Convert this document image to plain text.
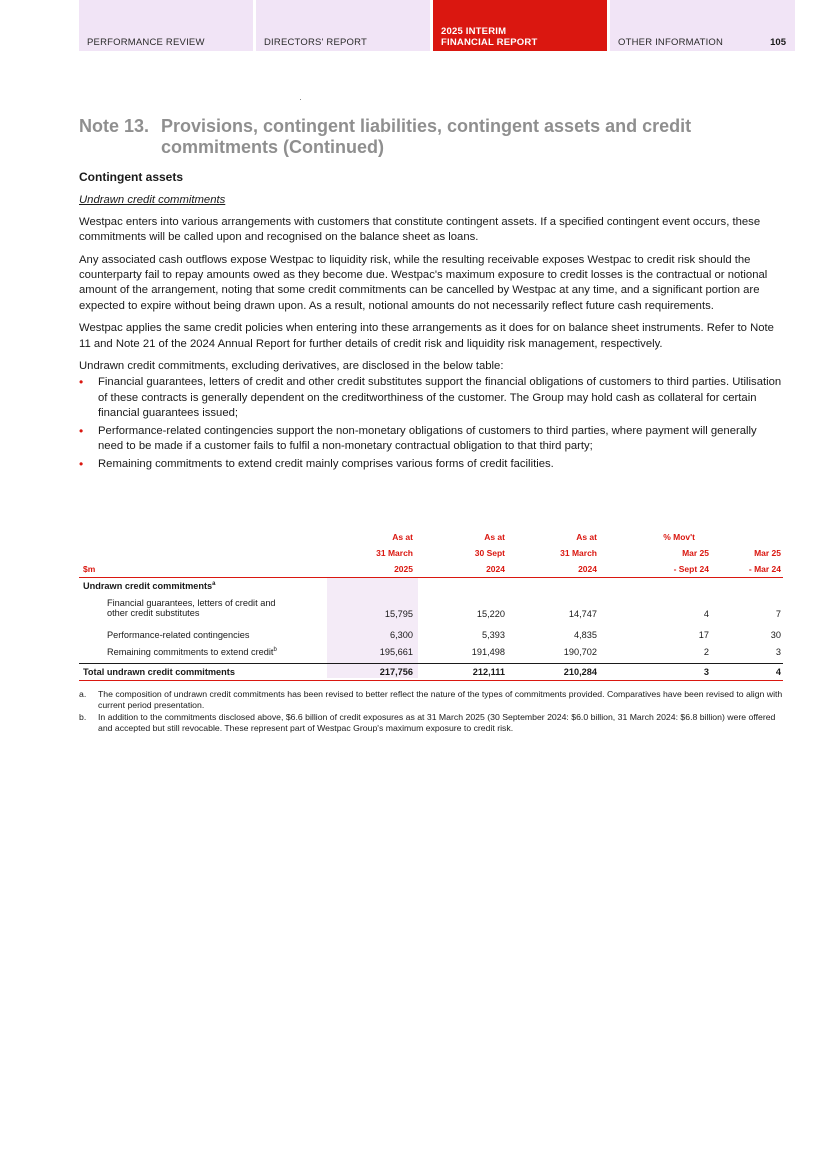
PERFORMANCE REVIEW	DIRECTORS' REPORT
2025 INTERIM
FINANCIAL REPORT	OTHER INFORMATION	105
Note 13. Provisions, contingent liabilities, contingent assets and credit
commitments (Continued)
Contingent assets
Undrawn credit commitments

Westpac enters into various arrangements with customers that constitute contingent assets. If a specified contingent event occurs, these commitments will be called upon and recognised on the balance sheet as loans.

Any associated cash outflows expose Westpac to liquidity risk, while the resulting receivable exposes Westpac to credit risk should the counterparty fail to repay amounts owed as they become due. Westpac's maximum exposure to credit losses is the contractual or notional amount of the arrangement, noting that some credit commitments can be cancelled by Westpac at any time, and a significant portion are expected to expire without being drawn upon. As a result, notional amounts do not necessarily reflect future cash requirements.

Westpac applies the same credit policies when entering into these arrangements as it does for on balance sheet instruments. Refer to Note 11 and Note 21 of the 2024 Annual Report for further details of credit risk and liquidity risk management, respectively.

Undrawn credit commitments, excluding derivatives, are disclosed in the below table:

• Financial guarantees, letters of credit and other credit substitutes support the financial obligations of customers to third parties. Utilisation of these contracts is generally dependent on the creditworthiness of the customer. The Group may hold cash as collateral for certain financial guarantees issued;
• Performance-related contingencies support the non-monetary obligations of customers to third parties, where payment will generally need to be made if a customer fails to fulfil a non-monetary contractual obligation to that third party;
• Remaining commitments to extend credit mainly comprises various forms of credit facilities.
As at	As at	As at	% Mov't
31 March	30 Sept	31 March	Mar 25	Mar 25
$m	2025	2024	2024	- Sept 24	- Mar 24
Undrawn credit commitments$^a$
Financial guarantees, letters of credit and
other credit substitutes	15,795	15,220	14,747	4	7
Performance-related contingencies	6,300	5,393	4,835	17	30
Remaining commitments to extend credit$^b$	195,661	191,498	190,702	2	3
Total undrawn credit commitments	217,756	212,111	210,284	3	4
a. The composition of undrawn credit commitments has been revised to better reflect the nature of the types of commitments provided. Comparatives have been revised to align with current period presentation.
b. In addition to the commitments disclosed above, $6.6 billion of credit exposures as at 31 March 2025 (30 September 2024: $6.0 billion, 31 March 2024: $6.8 billion) were offered and accepted but still revocable. These represent part of Westpac Group's maximum exposure to credit risk.
